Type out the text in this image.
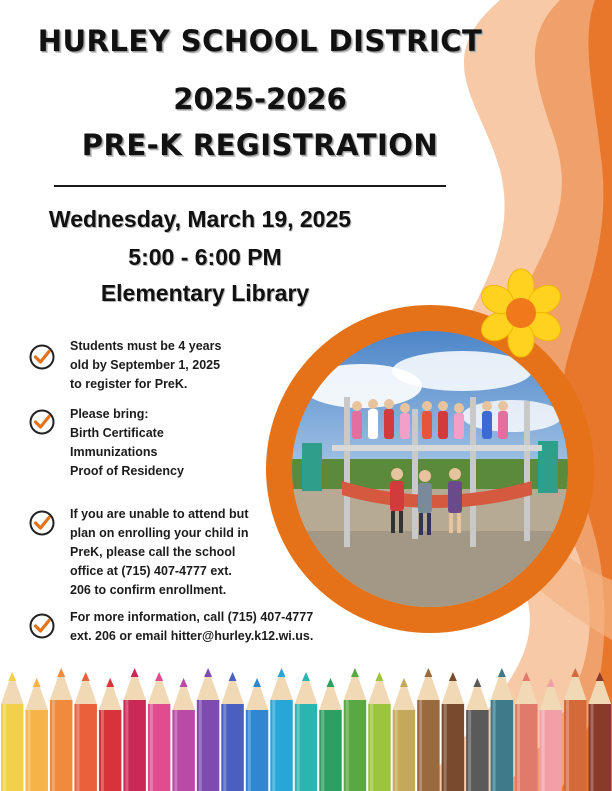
HURLEY SCHOOL DISTRICT
2025-2026
PRE-K REGISTRATION
Wednesday, March 19, 2025
5:00 - 6:00 PM
Elementary Library
Students must be 4 years
old by September 1, 2025
to register for PreK.
Please bring:
Birth Certificate
Immunizations
Proof of Residency
If you are unable to attend but
plan on enrolling your child in
PreK, please call the school
office at (715) 407-4777 ext.
206 to confirm enrollment.
For more information, call (715) 407-4777
ext. 206 or email hitter@hurley.k12.wi.us.
